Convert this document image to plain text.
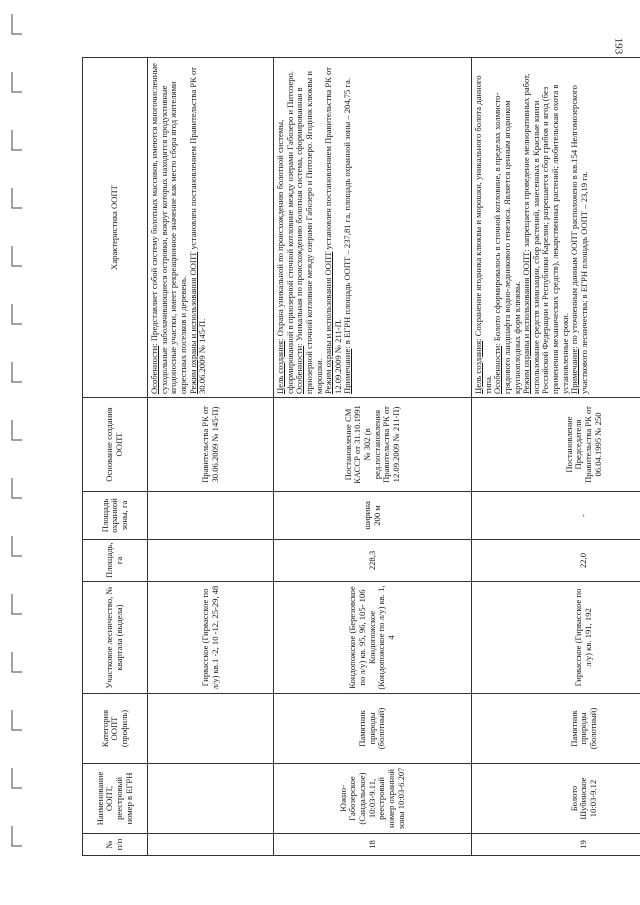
193
№ п/п	Наименование ООПТ, реестровый номер в ЕГРН	Категория ООПТ (профиль)	Участковое лесничество, № квартала (выдела)	Площадь, га	Площадь охранной зоны, га	Основание создания ООПТ	Характеристика ООПТ
			Гирвасское (Гирвасское по л/у) кв.1 -2, 10 -12, 25-29, 48			Правительства РК от 30.06.2009 № 145-П)	Особенности: Представляет собой систему болотных массивов, имеются многочисленные суходольные заболачивающиеся островки, вокруг которых находятся продуктивные ягодоносные участки, имеет рекреационное значение как место сбора ягод жителями окрестных поселков и деревень. Режим охраны и использования ООПТ установлен постановлением Правительства РК от 30.06.2009 № 145-П.

18	Южно-Габозерское (Сандальское) 10:03-9.11, реестровый номер охранной зоны 10:03-6.207	Памятник природы (болотный)	Кондопожское (Березовское по л/у) кв. 95, 96, 105- 106 Кондопожское (Кондопожское по л/у) кв. 1, 4	228,3	ширина 200 м	Постановление СМ КАССР от 31.10.1991 № 302 (в ред.постановления Правительства РК от 12.09.2009 № 211-П)	Цель создания: Охрана уникальной по происхождению болотной системы, сформированной в приозерной сточной котловине между озерами Габозеро и Питозеро. Особенности: Уникальная по происхождению болотная система, сформированная в приозерной сточной котловине между озерами Габозеро и Питозеро. Ягодник клюквы и морошки. Режим охраны и использования ООПТ установлен постановлением Правительства РК от 12.09.2009 № 211-П. Примечание: в ЕГРН площадь ООПТ – 237,81 га, площадь охранной зоны – 204,75 га.

19	Болото Шубинское 10:03-9.12	Памятник природы (болотный)	Гирвасское (Гирвасское по л/у) кв. 191, 192	22,0	-	Постановление Председателя Правительства РК от 06.04.1995 № 250	Цель создания: Сохранение ягодника клюквы и морошки, уникального болота данного типа. Особенности: Болото сформировалось в сточной котловине, в пределах холмисто-грядового ландшафта водно-ледникового генезиса. Является ценным ягодником крупноплодных форм клюквы. Режим охраны и использования ООПТ: запрещается проведение мелиоративных работ, использование средств химизации, сбор растений, занесенных в Красные книги Российской Федерации и Республики Карелия; разрешается сбор грибов и ягод (без применения механических средств), лекарственных растений; любительская охота в установленные сроки. Примечание: по уточненным данным ООПТ расположено в кв.154 Нелгомозерского участкового лесничества; в ЕГРН площадь ООПТ – 23,19 га.
